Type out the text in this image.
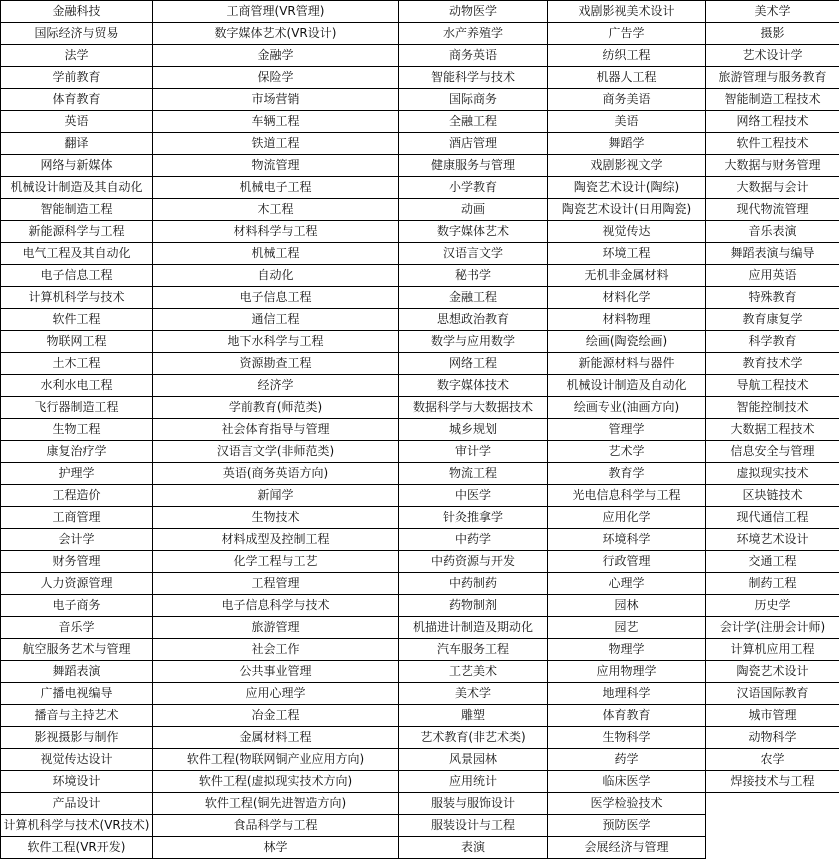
金融科技	工商管理(VR管理)	动物医学	戏剧影视美术设计	美术学
国际经济与贸易	数字媒体艺术(VR设计)	水产养殖学	广告学	摄影
法学	金融学	商务英语	纺织工程	艺术设计学
学前教育	保险学	智能科学与技术	机器人工程	旅游管理与服务教育
体育教育	市场营销	国际商务	商务美语	智能制造工程技术
英语	车辆工程	全融工程	美语	网络工程技术
翻译	铁道工程	酒店管理	舞蹈学	软件工程技术
网络与新媒体	物流管理	健康服务与管理	戏剧影视文学	大数据与财务管理
机械设计制造及其自动化	机械电子工程	小学教育	陶瓷艺术设计(陶综)	大数据与会计
智能制造工程	木工程	动画	陶瓷艺术设计(日用陶瓷)	现代物流管理
新能源科学与工程	材料科学与工程	数字媒体艺术	视觉传达	音乐表演
电气工程及其自动化	机械工程	汉语言文学	环境工程	舞蹈表演与编导
电子信息工程	自动化	秘书学	无机非金属材料	应用英语
计算机科学与技术	电子信息工程	金融工程	材料化学	特殊教育
软件工程	通信工程	思想政治教育	材料物理	教育康复学
物联网工程	地下水科学与工程	数学与应用数学	绘画(陶瓷绘画)	科学教育
土木工程	资源勘查工程	网络工程	新能源材料与器件	教育技术学
水利水电工程	经济学	数字媒体技术	机械设计制造及自动化	导航工程技术
飞行器制造工程	学前教育(师范类)	数据科学与大数据技术	绘画专业(油画方向)	智能控制技术
生物工程	社会体育指导与管理	城乡规划	管理学	大数据工程技术
康复治疗学	汉语言文学(非师范类)	审计学	艺术学	信息安全与管理
护理学	英语(商务英语方向)	物流工程	教育学	虚拟现实技术
工程造价	新闻学	中医学	光电信息科学与工程	区块链技术
工商管理	生物技术	针灸推拿学	应用化学	现代通信工程
会计学	材料成型及控制工程	中药学	环境科学	环境艺术设计
财务管理	化学工程与工艺	中药资源与开发	行政管理	交通工程
人力资源管理	工程管理	中药制药	心理学	制药工程
电子商务	电子信息科学与技术	药物制剂	园林	历史学
音乐学	旅游管理	机描进计制造及期动化	园艺	会计学(注册会计师)
航空服务艺术与管理	社会工作	汽车服务工程	物理学	计算机应用工程
舞蹈表演	公共事业管理	工艺美术	应用物理学	陶瓷艺术设计
广播电视编导	应用心理学	美术学	地理科学	汉语国际教育
播音与主持艺术	冶金工程	雕塑	体育教育	城市管理
影视摄影与制作	金属材料工程	艺术教育(非艺术类)	生物科学	动物科学
视觉传达设计	软件工程(物联网铜产业应用方向)	风景园林	药学	农学
环境设计	软件工程(虚拟现实技术方向)	应用统计	临床医学	焊接技术与工程
产品设计	软件工程(铜先进智造方向)	服装与服饰设计	医学检验技术	
计算机科学与技术(VR技术)	食品科学与工程	服装设计与工程	预防医学	
软件工程(VR开发)	林学	表演	会展经济与管理	
